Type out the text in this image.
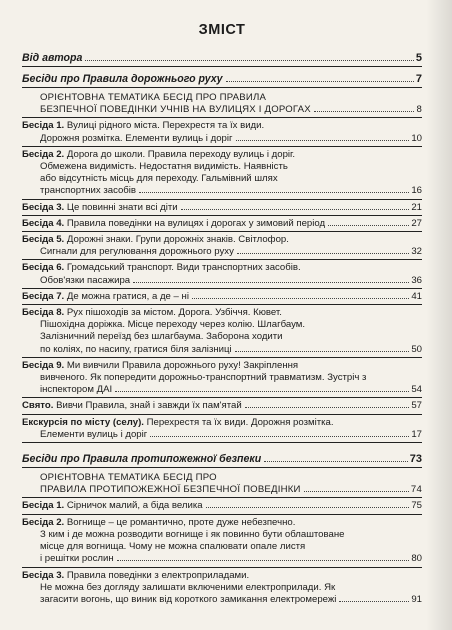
ЗМІСТ
Від автора	5
Бесіди про Правила дорожнього руху	7
ОРІЄНТОВНА ТЕМАТИКА БЕСІД ПРО ПРАВИЛА
БЕЗПЕЧНОЇ ПОВЕДІНКИ УЧНІВ НА ВУЛИЦЯХ І ДОРОГАХ	8
Бесіда 1. Вулиці рідного міста. Перехрестя та їх види.
Дорожня розмітка. Елементи вулиць і доріг	10
Бесіда 2. Дорога до школи. Правила переходу вулиць і доріг.
Обмежена видимість. Недостатня видимість. Наявність
або відсутність місць для переходу. Гальмівний шлях
транспортних засобів	16
Бесіда 3. Це повинні знати всі діти	21
Бесіда 4. Правила поведінки на вулицях і дорогах у зимовий період	27
Бесіда 5. Дорожні знаки. Групи дорожніх знаків. Світлофор.
Сигнали для регулювання дорожнього руху	32
Бесіда 6. Громадський транспорт. Види транспортних засобів.
Обов'язки пасажира	36
Бесіда 7. Де можна гратися, а де – ні	41
Бесіда 8. Рух пішоходів за містом. Дорога. Узбіччя. Кювет.
Пішохідна доріжка. Місце переходу через колію. Шлагбаум.
Залізничний переїзд без шлагбаума. Заборона ходити
по коліях, по насипу, гратися біля залізниці	50
Бесіда 9. Ми вивчили Правила дорожнього руху! Закріплення
вивченого. Як попередити дорожньо-транспортний травматизм. Зустріч з
інспектором ДАІ	54
Свято. Вивчи Правила, знай і завжди їх пам'ятай	57
Екскурсія по місту (селу). Перехрестя та їх види. Дорожня розмітка.
Елементи вулиць і доріг	17
Бесіди про Правила протипожежної безпеки	73
ОРІЄНТОВНА ТЕМАТИКА БЕСІД ПРО
ПРАВИЛА ПРОТИПОЖЕЖНОЇ БЕЗПЕЧНОЇ ПОВЕДІНКИ	74
Бесіда 1. Сірничок малий, а біда велика	75
Бесіда 2. Вогнище – це романтично, проте дуже небезпечно.
З ким і де можна розводити вогнище і як повинно бути облаштоване
місце для вогнища. Чому не можна спалювати опале листя
і решітки рослин	80
Бесіда 3. Правила поведінки з електроприладами.
Не можна без догляду залишати включеними електроприлади. Як
загасити вогонь, що виник від короткого замикання електромережі	91
